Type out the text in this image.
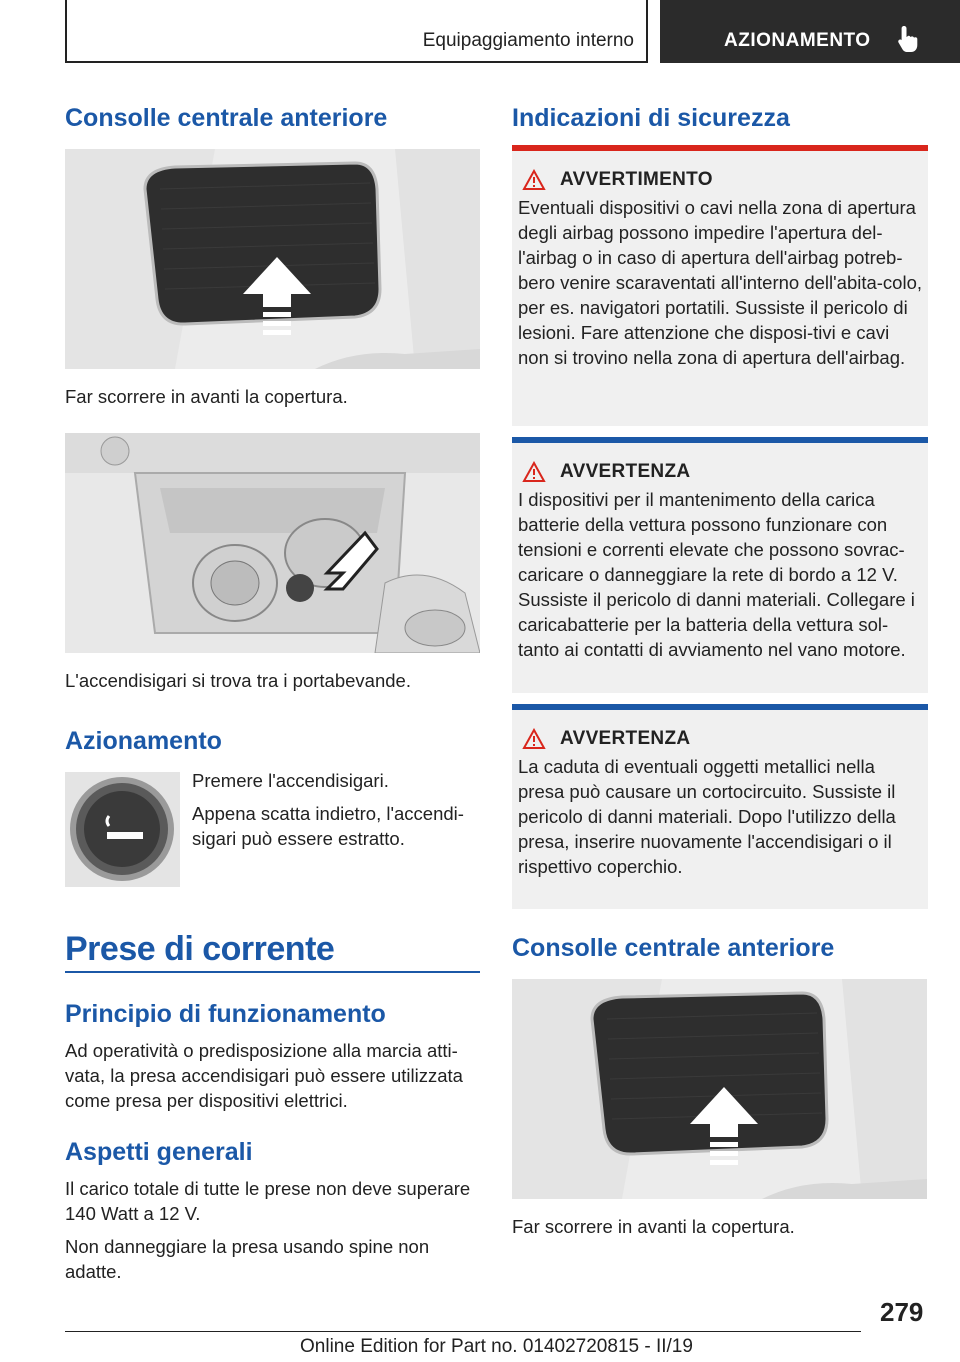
Equipaggiamento interno	AZIONAMENTO
Consolle centrale anteriore

Far scorrere in avanti la copertura.

L'accendisigari si trova tra i portabevande.

Azionamento

Premere l'accendisigari.

Appena scatta indietro, l'accendi-sigari può essere estratto.

Prese di corrente
Principio di funzionamento

Ad operatività o predisposizione alla marcia atti-vata, la presa accendisigari può essere utilizzata come presa per dispositivi elettrici.

Aspetti generali

Il carico totale di tutte le prese non deve superare 140 Watt a 12 V.

Non danneggiare la presa usando spine non adatte.

Indicazioni di sicurezza
AVVERTIMENTO
Eventuali dispositivi o cavi nella zona di apertura degli airbag possono impedire l'apertura del-l'airbag o in caso di apertura dell'airbag potreb-bero venire scaraventati all'interno dell'abita-colo, per es. navigatori portatili. Sussiste il pericolo di lesioni. Fare attenzione che disposi-tivi e cavi non si trovino nella zona di apertura dell'airbag.
AVVERTENZA
I dispositivi per il mantenimento della carica batterie della vettura possono funzionare con tensioni e correnti elevate che possono sovrac-caricare o danneggiare la rete di bordo a 12 V. Sussiste il pericolo di danni materiali. Collegare i caricabatterie per la batteria della vettura sol-tanto ai contatti di avviamento nel vano motore.
AVVERTENZA
La caduta di eventuali oggetti metallici nella presa può causare un cortocircuito. Sussiste il pericolo di danni materiali. Dopo l'utilizzo della presa, inserire nuovamente l'accendisigari o il rispettivo coperchio.
Consolle centrale anteriore

Far scorrere in avanti la copertura.

279
Online Edition for Part no. 01402720815 - II/19
